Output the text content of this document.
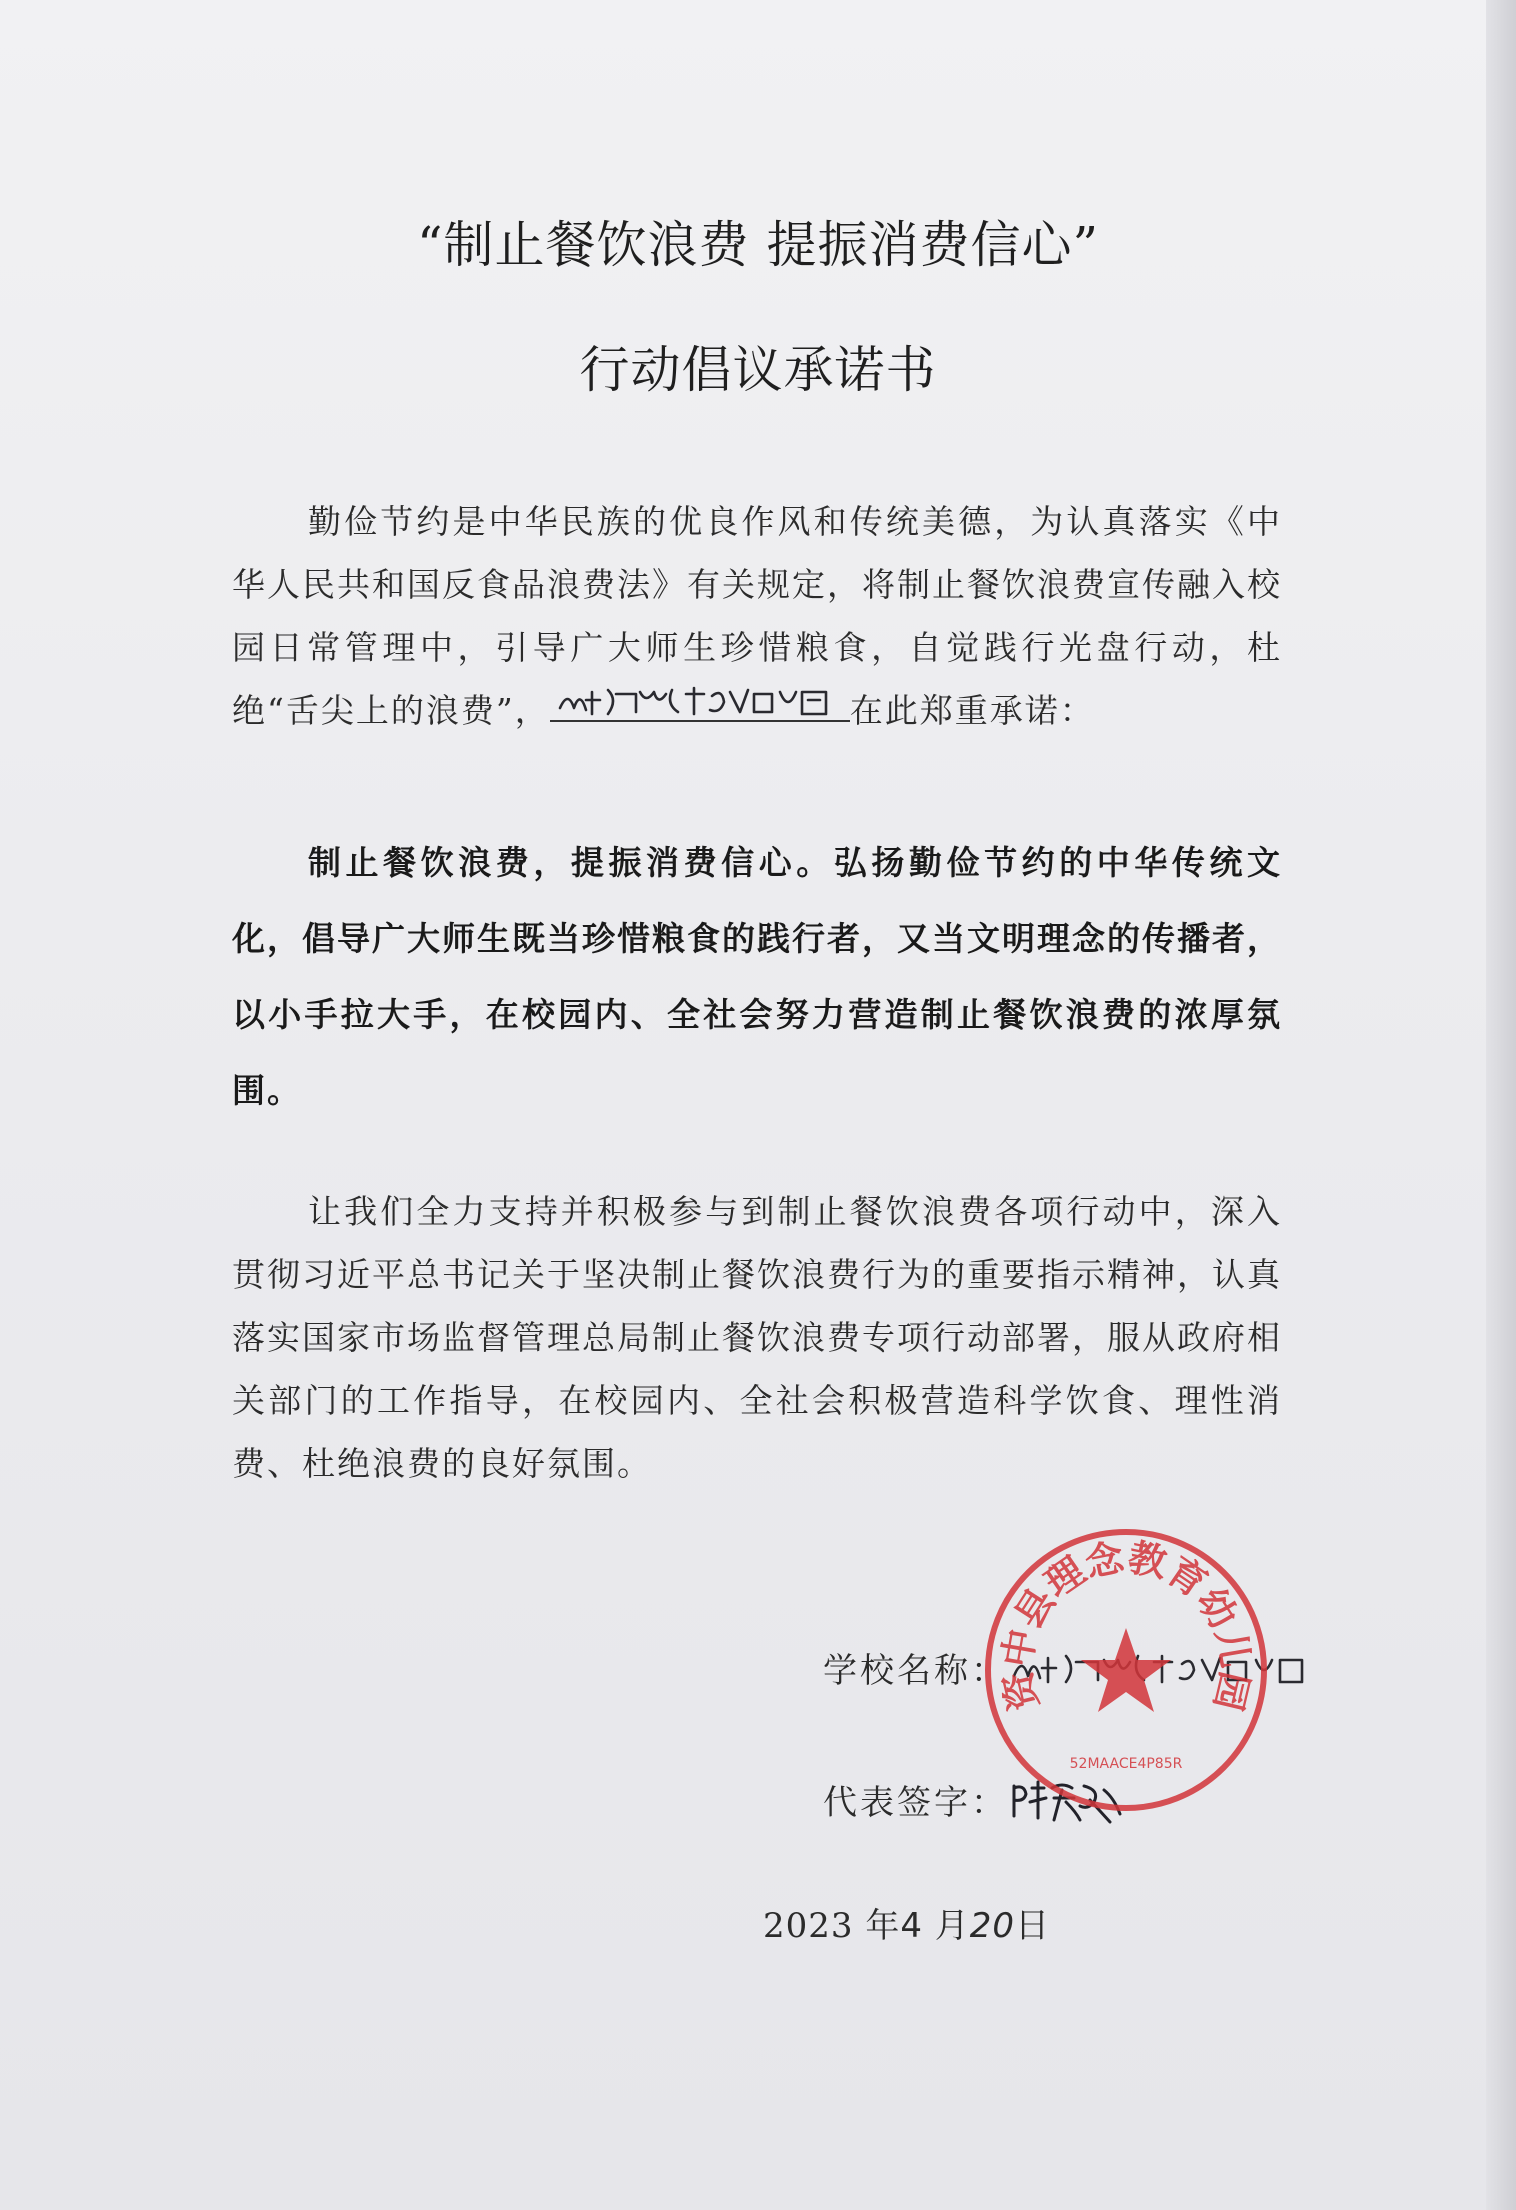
“制止餐饮浪费 提振消费信心”
行动倡议承诺书
勤俭节约是中华民族的优良作风和传统美德，为认真落实《中华人民共和国反食品浪费法》有关规定，将制止餐饮浪费宣传融入校园日常管理中，引导广大师生珍惜粮食，自觉践行光盘行动，杜绝“舌尖上的浪费”，	在此郑重承诺：
制止餐饮浪费，提振消费信心。弘扬勤俭节约的中华传统文化，倡导广大师生既当珍惜粮食的践行者，又当文明理念的传播者，以小手拉大手，在校园内、全社会努力营造制止餐饮浪费的浓厚氛围。
让我们全力支持并积极参与到制止餐饮浪费各项行动中，深入贯彻习近平总书记关于坚决制止餐饮浪费行为的重要指示精神，认真落实国家市场监督管理总局制止餐饮浪费专项行动部署，服从政府相关部门的工作指导，在校园内、全社会积极营造科学饮食、理性消费、杜绝浪费的良好氛围。
学校名称：
代表签字：
2023 年4 月20日
资中县理念教育幼儿园
52MAACE4P85R
